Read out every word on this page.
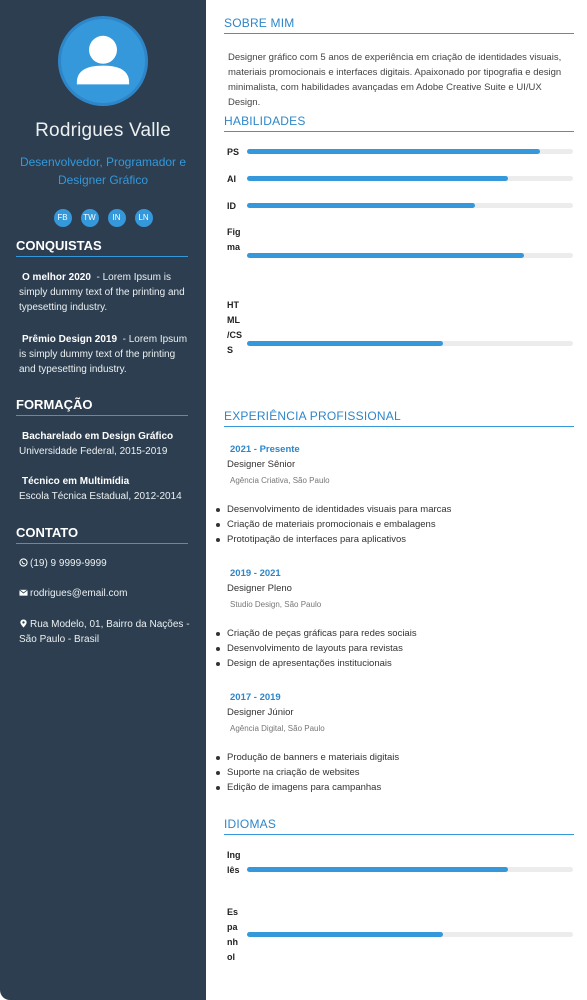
Rodrigues Valle
Desenvolvedor, Programador e Designer Gráfico
FB	TW	IN	LN
CONQUISTAS
O melhor 2020 - Lorem Ipsum is simply dummy text of the printing and typesetting industry.
Prêmio Design 2019 - Lorem Ipsum is simply dummy text of the printing and typesetting industry.
FORMAÇÃO
Bacharelado em Design Gráfico
Universidade Federal, 2015-2019
Técnico em Multimídia
Escola Técnica Estadual, 2012-2014
CONTATO
(19) 9 9999-9999
rodrigues@email.com
Rua Modelo, 01, Bairro da Nações - São Paulo - Brasil
SOBRE MIM

Designer gráfico com 5 anos de experiência em criação de identidades visuais, materiais promocionais e interfaces digitais. Apaixonado por tipografia e design minimalista, com habilidades avançadas em Adobe Creative Suite e UI/UX Design.

HABILIDADES
PS
AI
ID
Figma
HTML/CSS
EXPERIÊNCIA PROFISSIONAL
2021 - Presente
Designer Sênior
Agência Criativa, São Paulo
Desenvolvimento de identidades visuais para marcas
Criação de materiais promocionais e embalagens
Prototipação de interfaces para aplicativos
2019 - 2021
Designer Pleno
Studio Design, São Paulo
Criação de peças gráficas para redes sociais
Desenvolvimento de layouts para revistas
Design de apresentações institucionais
2017 - 2019
Designer Júnior
Agência Digital, São Paulo
Produção de banners e materiais digitais
Suporte na criação de websites
Edição de imagens para campanhas
IDIOMAS
Inglês
Espanhol
